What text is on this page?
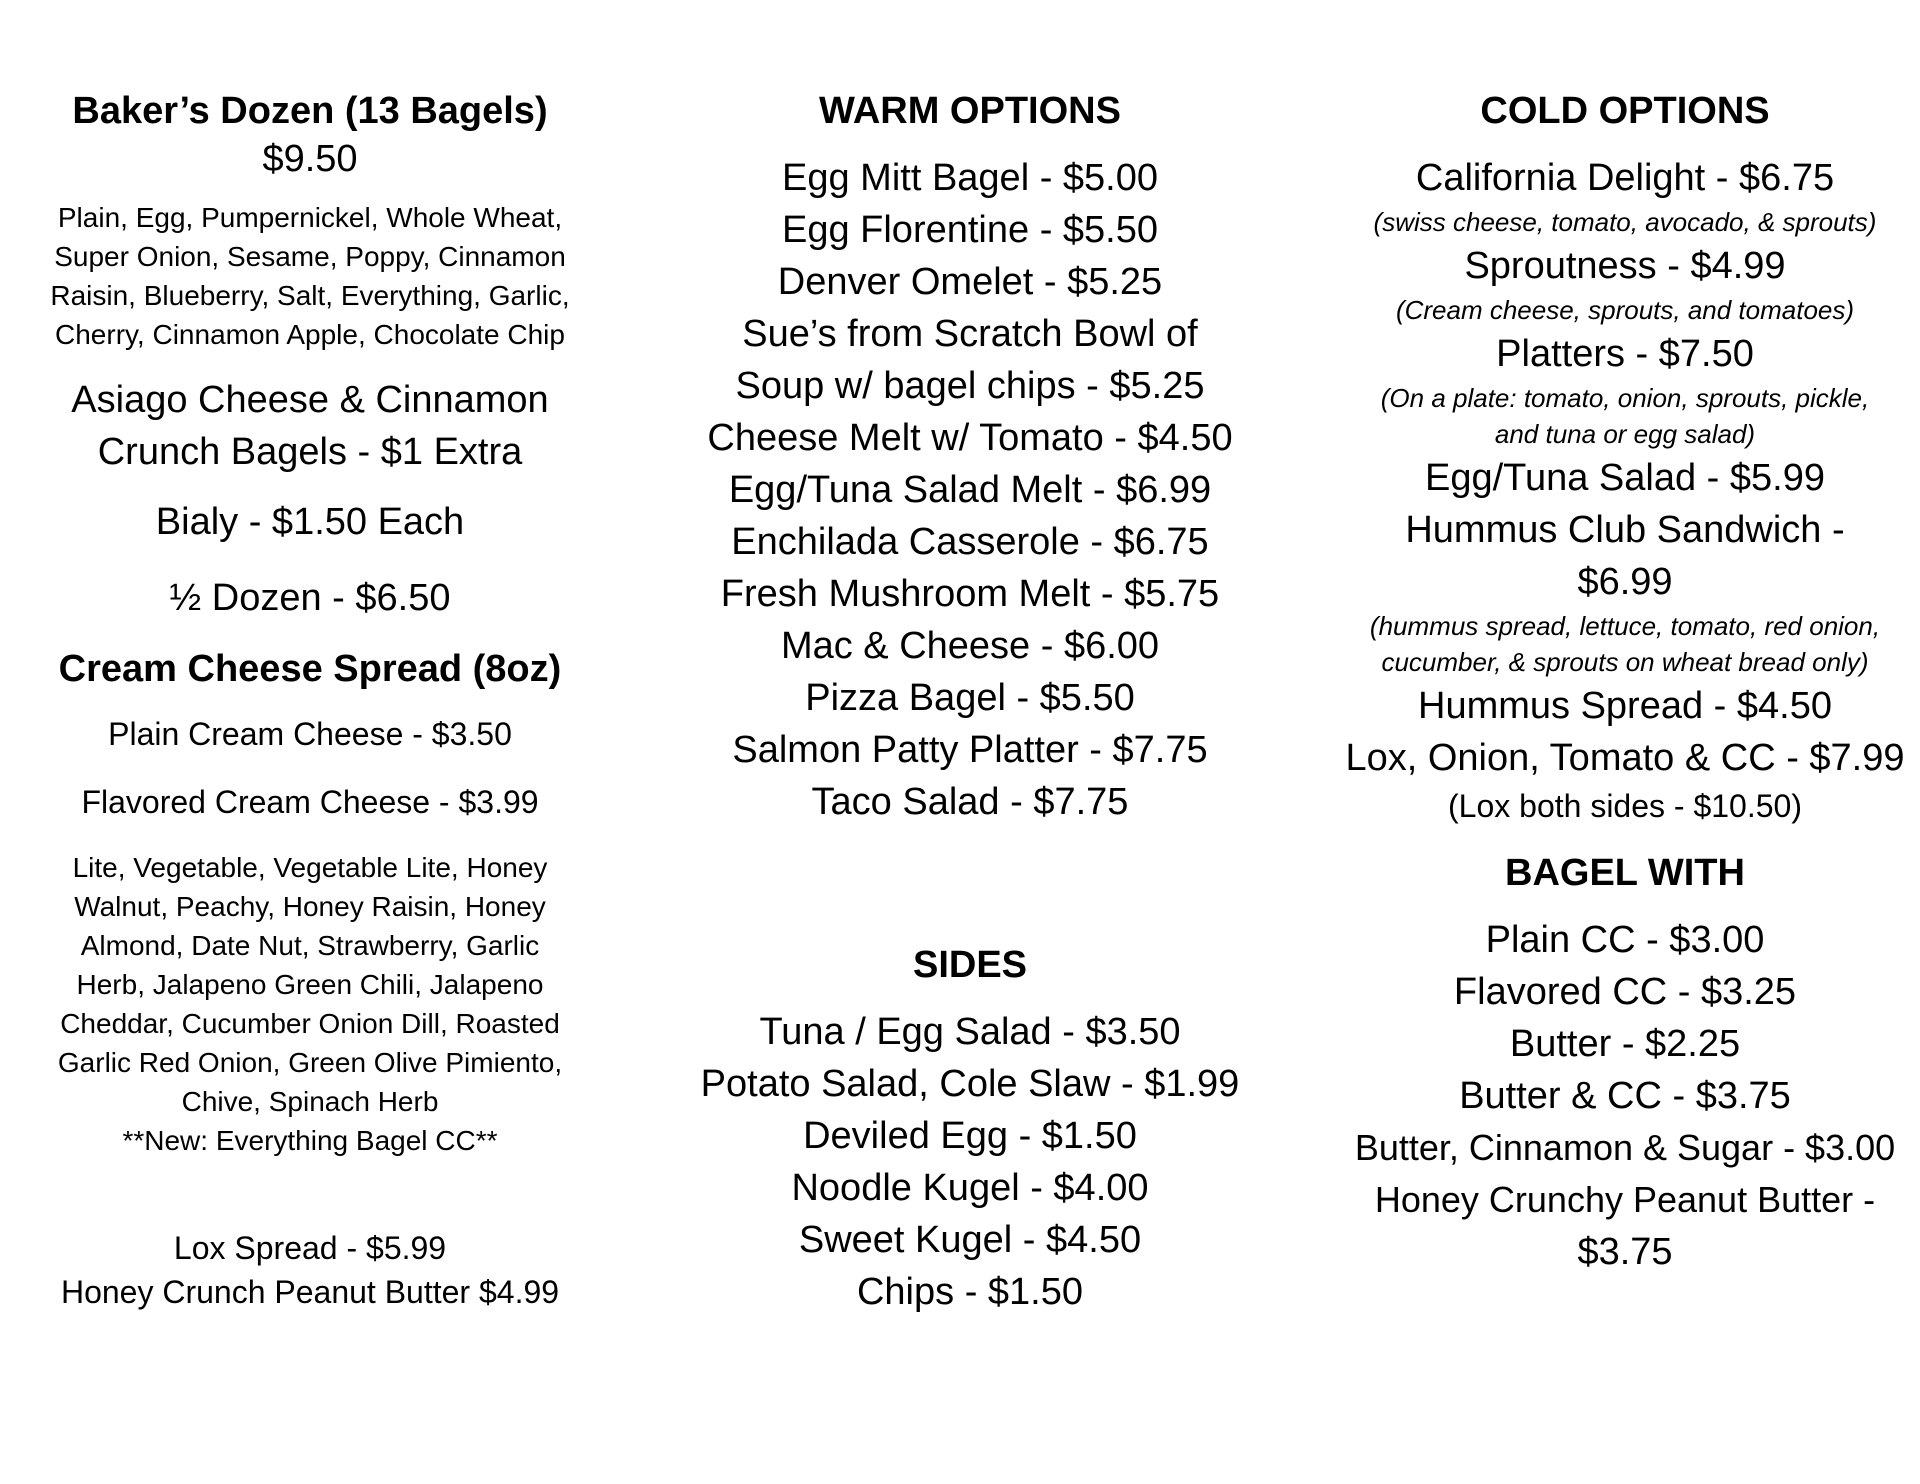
Baker’s Dozen (13 Bagels)

$9.50

Plain, Egg, Pumpernickel, Whole Wheat,

Super Onion, Sesame, Poppy, Cinnamon

Raisin, Blueberry, Salt, Everything, Garlic,

Cherry, Cinnamon Apple, Chocolate Chip

Asiago Cheese & Cinnamon

Crunch Bagels - $1 Extra

Bialy - $1.50 Each

½ Dozen - $6.50

Cream Cheese Spread (8oz)

Plain Cream Cheese - $3.50

Flavored Cream Cheese - $3.99

Lite, Vegetable, Vegetable Lite, Honey

Walnut, Peachy, Honey Raisin, Honey

Almond, Date Nut, Strawberry, Garlic

Herb, Jalapeno Green Chili, Jalapeno

Cheddar, Cucumber Onion Dill, Roasted

Garlic Red Onion, Green Olive Pimiento,

Chive, Spinach Herb

**New: Everything Bagel CC**

Lox Spread - $5.99

Honey Crunch Peanut Butter $4.99

WARM OPTIONS

Egg Mitt Bagel - $5.00
Egg Florentine - $5.50
Denver Omelet - $5.25
Sue’s from Scratch Bowl of
Soup w/ bagel chips - $5.25
Cheese Melt w/ Tomato - $4.50
Egg/Tuna Salad Melt - $6.99
Enchilada Casserole - $6.75
Fresh Mushroom Melt - $5.75
Mac & Cheese - $6.00
Pizza Bagel - $5.50
Salmon Patty Platter - $7.75
Taco Salad - $7.75

SIDES

Tuna / Egg Salad - $3.50
Potato Salad, Cole Slaw - $1.99
Deviled Egg - $1.50
Noodle Kugel - $4.00
Sweet Kugel - $4.50
Chips - $1.50

COLD OPTIONS

California Delight - $6.75

(swiss cheese, tomato, avocado, & sprouts)

Sproutness - $4.99

(Cream cheese, sprouts, and tomatoes)

Platters - $7.50

(On a plate: tomato, onion, sprouts, pickle,

and tuna or egg salad)

Egg/Tuna Salad - $5.99

Hummus Club Sandwich -

$6.99

(hummus spread, lettuce, tomato, red onion,

cucumber, & sprouts on wheat bread only)

Hummus Spread - $4.50

Lox, Onion, Tomato & CC - $7.99

(Lox both sides - $10.50)

BAGEL WITH

Plain CC - $3.00
Flavored CC - $3.25
Butter - $2.25
Butter & CC - $3.75
Butter, Cinnamon & Sugar - $3.00
Honey Crunchy Peanut Butter -
$3.75
